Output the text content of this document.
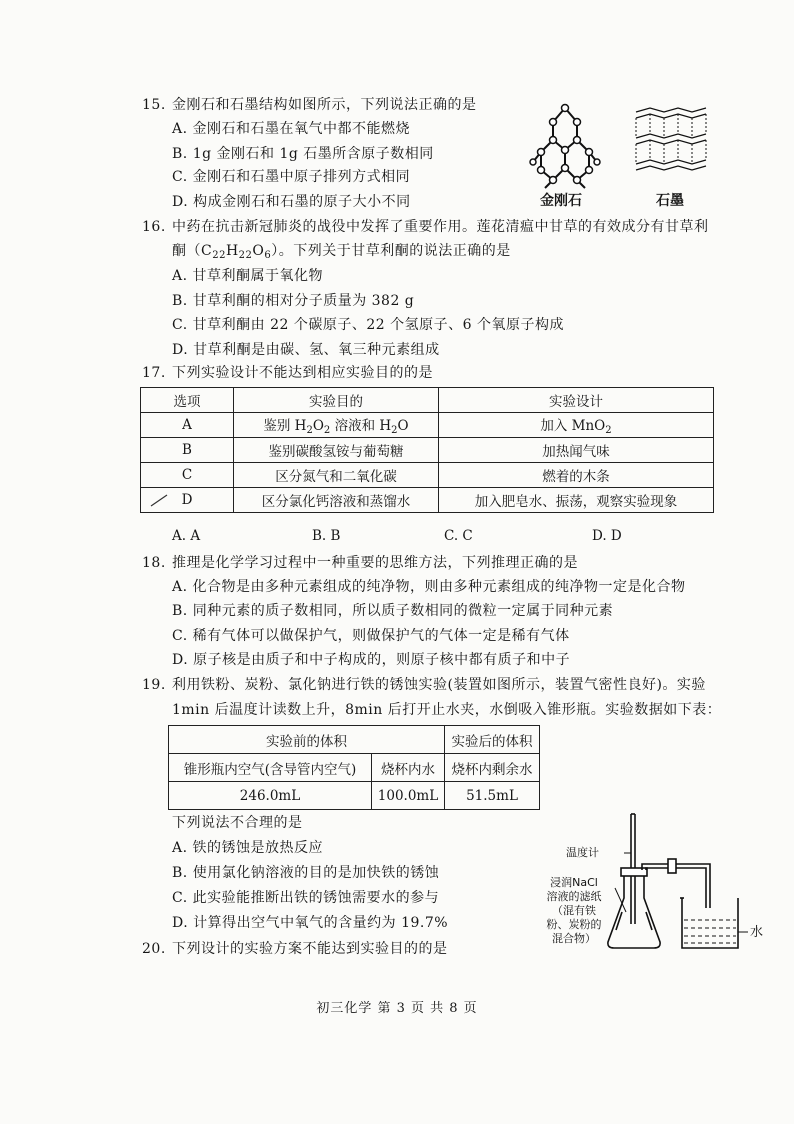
15. 金刚石和石墨结构如图所示，下列说法正确的是
A. 金刚石和石墨在氧气中都不能燃烧
B. 1g 金刚石和 1g 石墨所含原子数相同
C. 金刚石和石墨中原子排列方式相同
D. 构成金刚石和石墨的原子大小不同	金刚石	石墨
16. 中药在抗击新冠肺炎的战役中发挥了重要作用。莲花清瘟中甘草的有效成分有甘草利
酮$(C_{22}H_{22}O_6)$。下列关于甘草利酮的说法正确的是
A. 甘草利酮属于氧化物
B. 甘草利酮的相对分子质量为 382 g
C. 甘草利酮由 22 个碳原子、22 个氢原子、6 个氧原子构成
D. 甘草利酮是由碳、氢、氧三种元素组成
17. 下列实验设计不能达到相应实验目的的是
选项	实验目的	实验设计
A	鉴别 $H_2O_2$ 溶液和 $H_2O$	加入 MnO$_2$
B	鉴别碳酸氢铵与葡萄糖	加热闻气味
C	区分氮气和二氧化碳	燃着的木条

D	区分氯化钙溶液和蒸馏水	加入肥皂水、振荡，观察实验现象
A. A	B. B	C. C	D. D
18. 推理是化学学习过程中一种重要的思维方法，下列推理正确的是
A. 化合物是由多种元素组成的纯净物，则由多种元素组成的纯净物一定是化合物
B. 同种元素的质子数相同，所以质子数相同的微粒一定属于同种元素
C. 稀有气体可以做保护气，则做保护气的气体一定是稀有气体
D. 原子核是由质子和中子构成的，则原子核中都有质子和中子
19. 利用铁粉、炭粉、氯化钠进行铁的锈蚀实验(装置如图所示，装置气密性良好)。实验
1min 后温度计读数上升，8min 后打开止水夹，水倒吸入锥形瓶。实验数据如下表：
实验前的体积		实验后的体积
锥形瓶内空气(含导管内空气)	烧杯内水	烧杯内剩余水
246.0mL	100.0mL	51.5mL
下列说法不合理的是
A. 铁的锈蚀是放热反应
B. 使用氯化钠溶液的目的是加快铁的锈蚀
C. 此实验能推断出铁的锈蚀需要水的参与
D. 计算得出空气中氧气的含量约为 19.7%
温度计
浸润NaCl
溶液的滤纸
（混有铁
粉、炭粉的
混合物）	水
20. 下列设计的实验方案不能达到实验目的的是
初三化学 第 3 页 共 8 页
